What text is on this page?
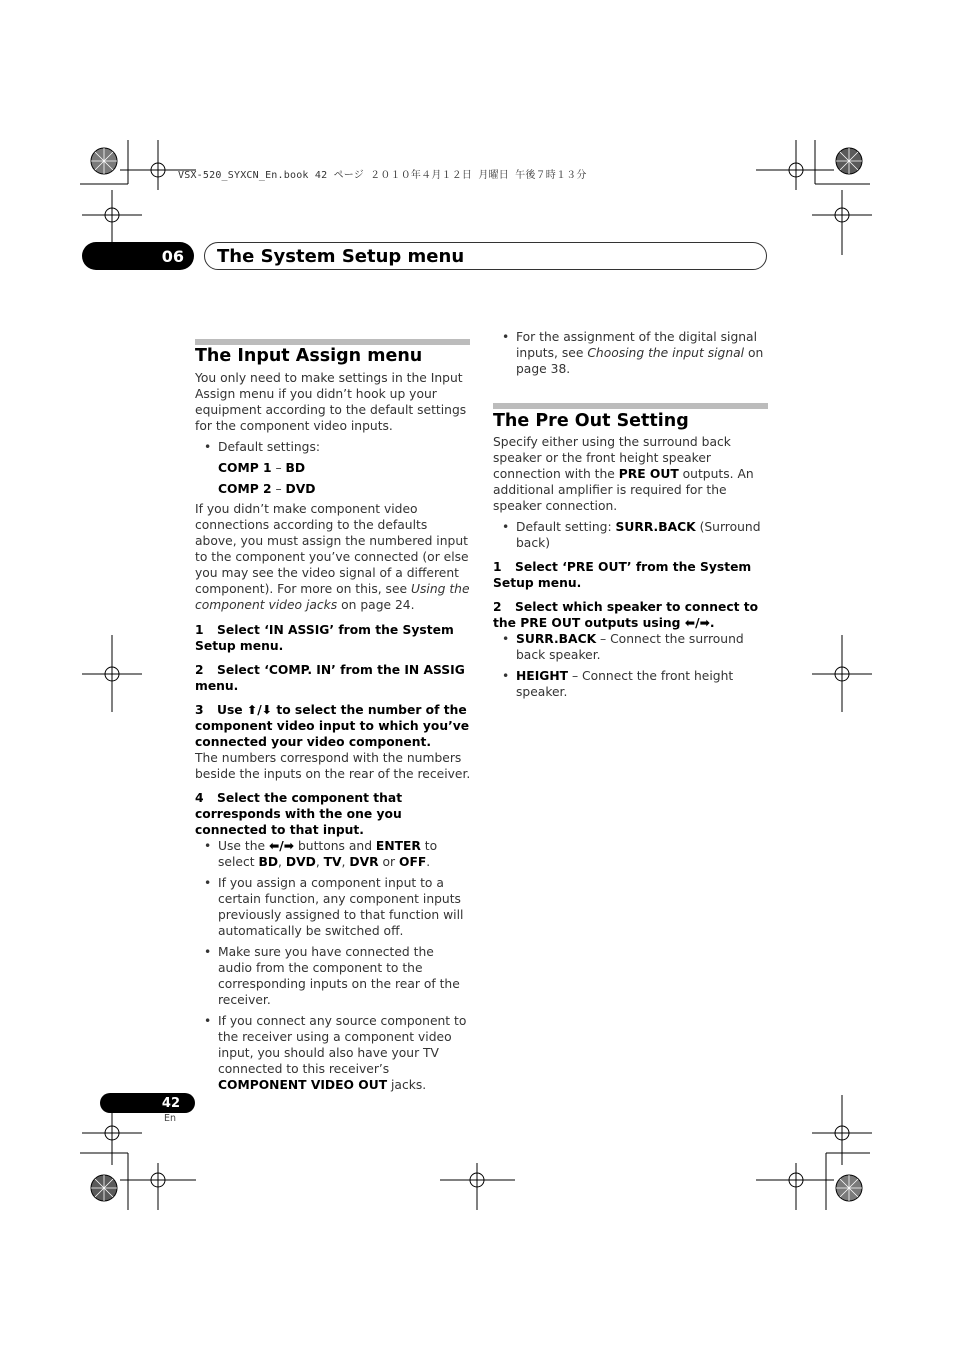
VSX-520_SYXCN_En.book 42 ページ ２０１０年４月１２日 月曜日 午後７時１３分
06 The System Setup menu
The Input Assign menu

You only need to make settings in the Input Assign menu if you didn’t hook up your equipment according to the default settings for the component video inputs.

• Default settings:

COMP 1 – BD

COMP 2 – DVD

If you didn’t make component video connections according to the defaults above, you must assign the numbered input to the component you’ve connected (or else you may see the video signal of a different component). For more on this, see Using the component video jacks on page 24.

1 Select ‘IN ASSIG’ from the System Setup menu.

2 Select ‘COMP. IN’ from the IN ASSIG menu.

3 Use ⬆/⬇ to select the number of the component video input to which you’ve connected your video component.

The numbers correspond with the numbers beside the inputs on the rear of the receiver.

4 Select the component that corresponds with the one you connected to that input.

• Use the ⬅/➡ buttons and ENTER to select BD, DVD, TV, DVR or OFF.

• If you assign a component input to a certain function, any component inputs previously assigned to that function will automatically be switched off.

• Make sure you have connected the audio from the component to the corresponding inputs on the rear of the receiver.

• If you connect any source component to the receiver using a component video input, you should also have your TV connected to this receiver’s COMPONENT VIDEO OUT jacks.

• For the assignment of the digital signal inputs, see Choosing the input signal on page 38.

The Pre Out Setting

Specify either using the surround back speaker or the front height speaker connection with the PRE OUT outputs. An additional amplifier is required for the speaker connection.

• Default setting: SURR.BACK (Surround back)

1 Select ‘PRE OUT’ from the System Setup menu.

2 Select which speaker to connect to the PRE OUT outputs using ⬅/➡.

• SURR.BACK – Connect the surround back speaker.

• HEIGHT – Connect the front height speaker.

42
En
